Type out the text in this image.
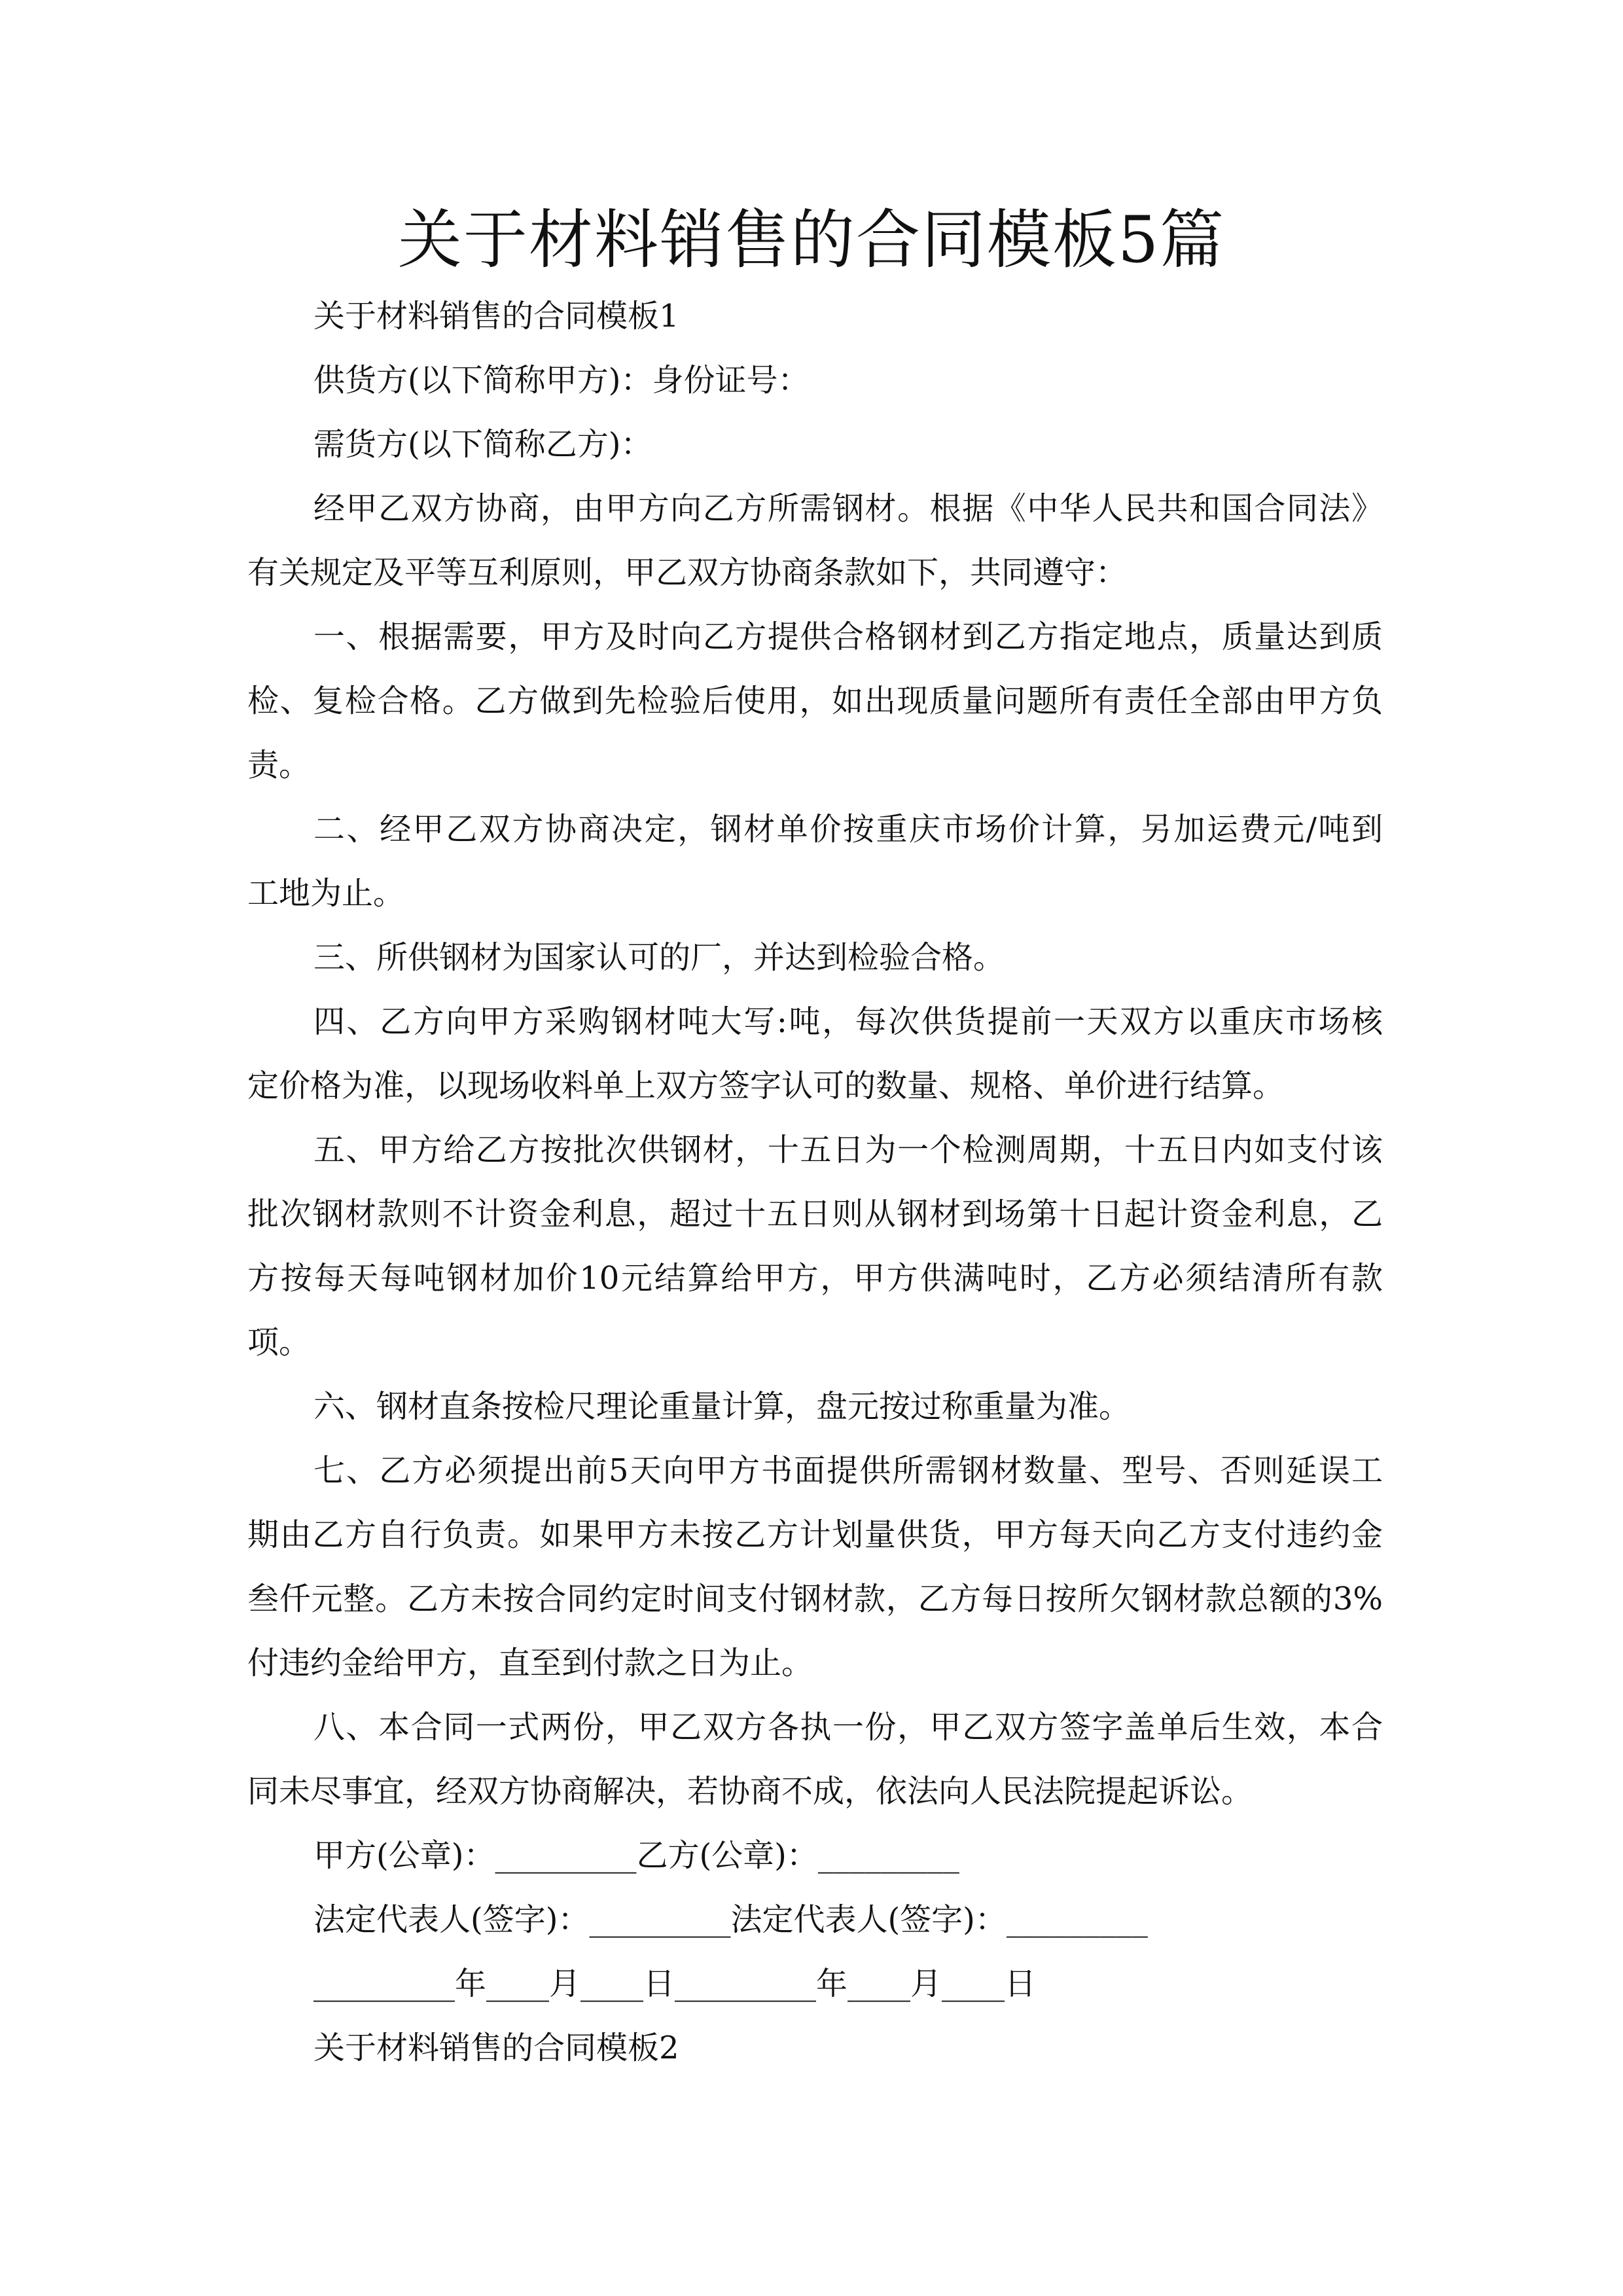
关于材料销售的合同模板5篇
关于材料销售的合同模板1
供货方(以下简称甲方)：身份证号：
需货方(以下简称乙方)：
经甲乙双方协商，由甲方向乙方所需钢材。根据《中华人民共和国合同法》
有关规定及平等互利原则，甲乙双方协商条款如下，共同遵守：
一、根据需要，甲方及时向乙方提供合格钢材到乙方指定地点，质量达到质
检、复检合格。乙方做到先检验后使用，如出现质量问题所有责任全部由甲方负
责。
二、经甲乙双方协商决定，钢材单价按重庆市场价计算，另加运费元/吨到
工地为止。
三、所供钢材为国家认可的厂，并达到检验合格。
四、乙方向甲方采购钢材吨大写:吨，每次供货提前一天双方以重庆市场核
定价格为准，以现场收料单上双方签字认可的数量、规格、单价进行结算。
五、甲方给乙方按批次供钢材，十五日为一个检测周期，十五日内如支付该
批次钢材款则不计资金利息，超过十五日则从钢材到场第十日起计资金利息，乙
方按每天每吨钢材加价10元结算给甲方，甲方供满吨时，乙方必须结清所有款
项。
六、钢材直条按检尺理论重量计算，盘元按过称重量为准。
七、乙方必须提出前5天向甲方书面提供所需钢材数量、型号、否则延误工
期由乙方自行负责。如果甲方未按乙方计划量供货，甲方每天向乙方支付违约金
叁仟元整。乙方未按合同约定时间支付钢材款，乙方每日按所欠钢材款总额的3%
付违约金给甲方，直至到付款之日为止。
八、本合同一式两份，甲乙双方各执一份，甲乙双方签字盖单后生效，本合
同未尽事宜，经双方协商解决，若协商不成，依法向人民法院提起诉讼。
甲方(公章)：_________乙方(公章)：_________
法定代表人(签字)：_________法定代表人(签字)：_________
_________年____月____日_________年____月____日
关于材料销售的合同模板2
